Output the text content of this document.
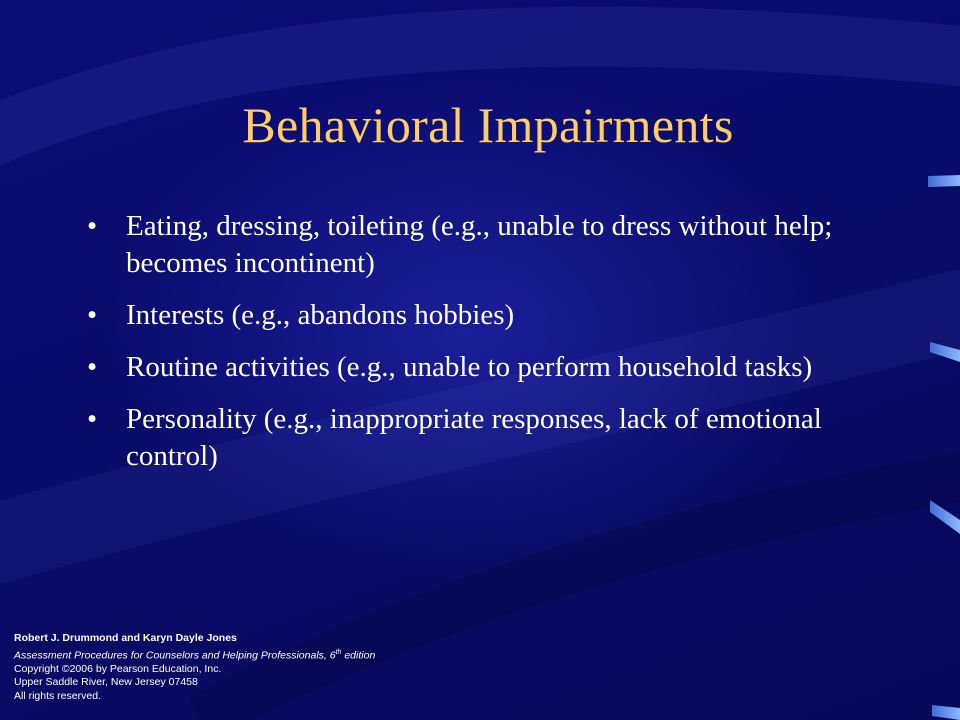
Behavioral Impairments
• Eating, dressing, toileting (e.g., unable to dress without help; becomes incontinent)
• Interests (e.g., abandons hobbies)
• Routine activities (e.g., unable to perform household tasks)
• Personality (e.g., inappropriate responses, lack of emotional control)
Robert J. Drummond and Karyn Dayle Jones
Assessment Procedures for Counselors and Helping Professionals, 6th edition
Copyright ©2006 by Pearson Education, Inc.
Upper Saddle River, New Jersey 07458
All rights reserved.
